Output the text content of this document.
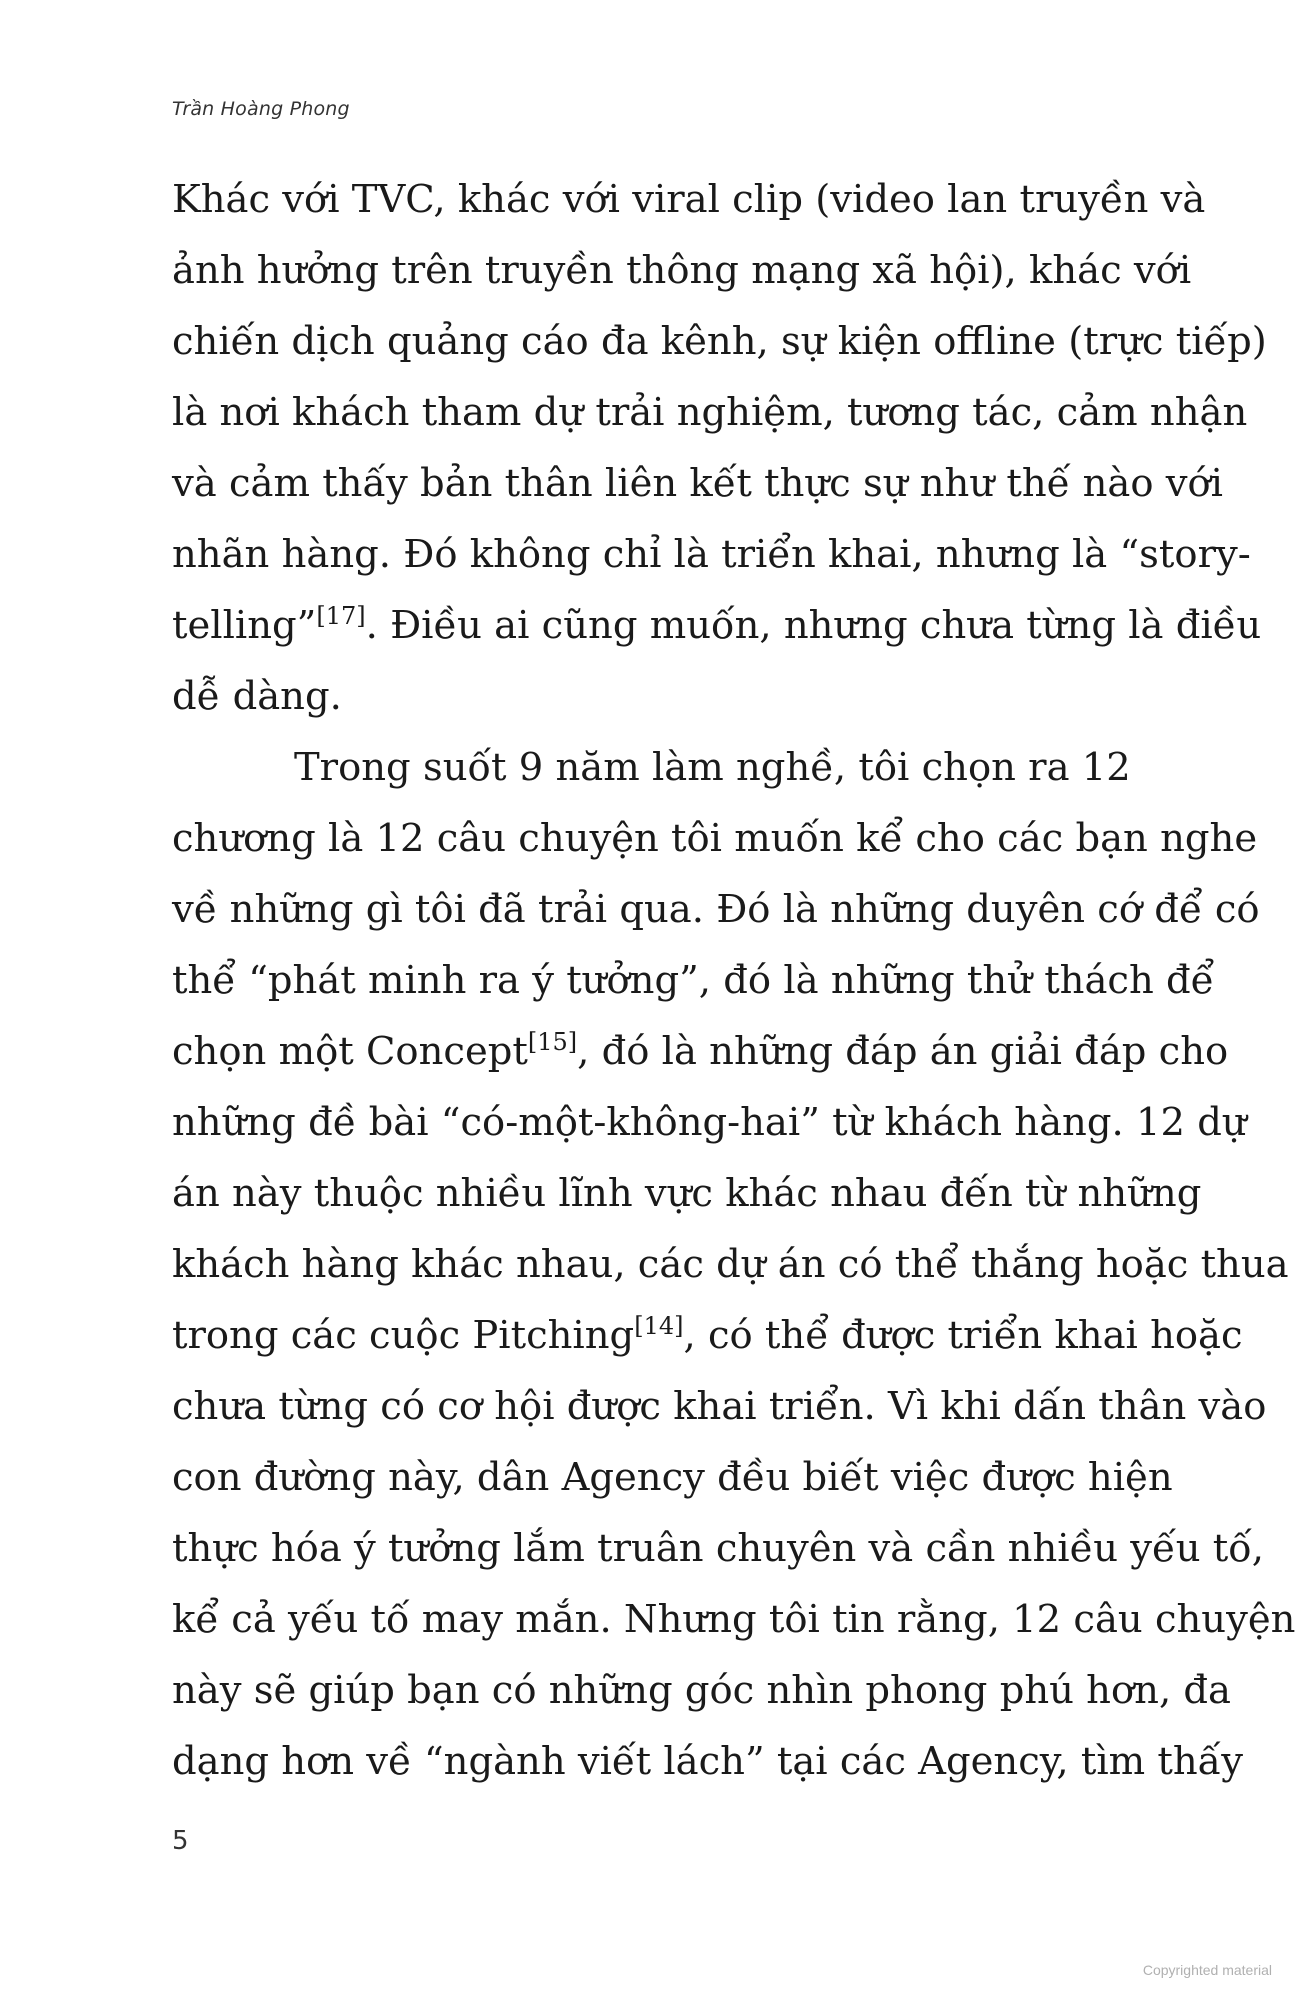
Trần Hoàng Phong
Khác với TVC, khác với viral clip (video lan truyền và
ảnh hưởng trên truyền thông mạng xã hội), khác với
chiến dịch quảng cáo đa kênh, sự kiện offline (trực tiếp)
là nơi khách tham dự trải nghiệm, tương tác, cảm nhận
và cảm thấy bản thân liên kết thực sự như thế nào với
nhãn hàng. Đó không chỉ là triển khai, nhưng là “story-
telling”[17]. Điều ai cũng muốn, nhưng chưa từng là điều
dễ dàng.
Trong suốt 9 năm làm nghề, tôi chọn ra 12
chương là 12 câu chuyện tôi muốn kể cho các bạn nghe
về những gì tôi đã trải qua. Đó là những duyên cớ để có
thể “phát minh ra ý tưởng”, đó là những thử thách để
chọn một Concept[15], đó là những đáp án giải đáp cho
những đề bài “có-một-không-hai” từ khách hàng. 12 dự
án này thuộc nhiều lĩnh vực khác nhau đến từ những
khách hàng khác nhau, các dự án có thể thắng hoặc thua
trong các cuộc Pitching[14], có thể được triển khai hoặc
chưa từng có cơ hội được khai triển. Vì khi dấn thân vào
con đường này, dân Agency đều biết việc được hiện
thực hóa ý tưởng lắm truân chuyên và cần nhiều yếu tố,
kể cả yếu tố may mắn. Nhưng tôi tin rằng, 12 câu chuyện
này sẽ giúp bạn có những góc nhìn phong phú hơn, đa
dạng hơn về “ngành viết lách” tại các Agency, tìm thấy
5
Copyrighted material
